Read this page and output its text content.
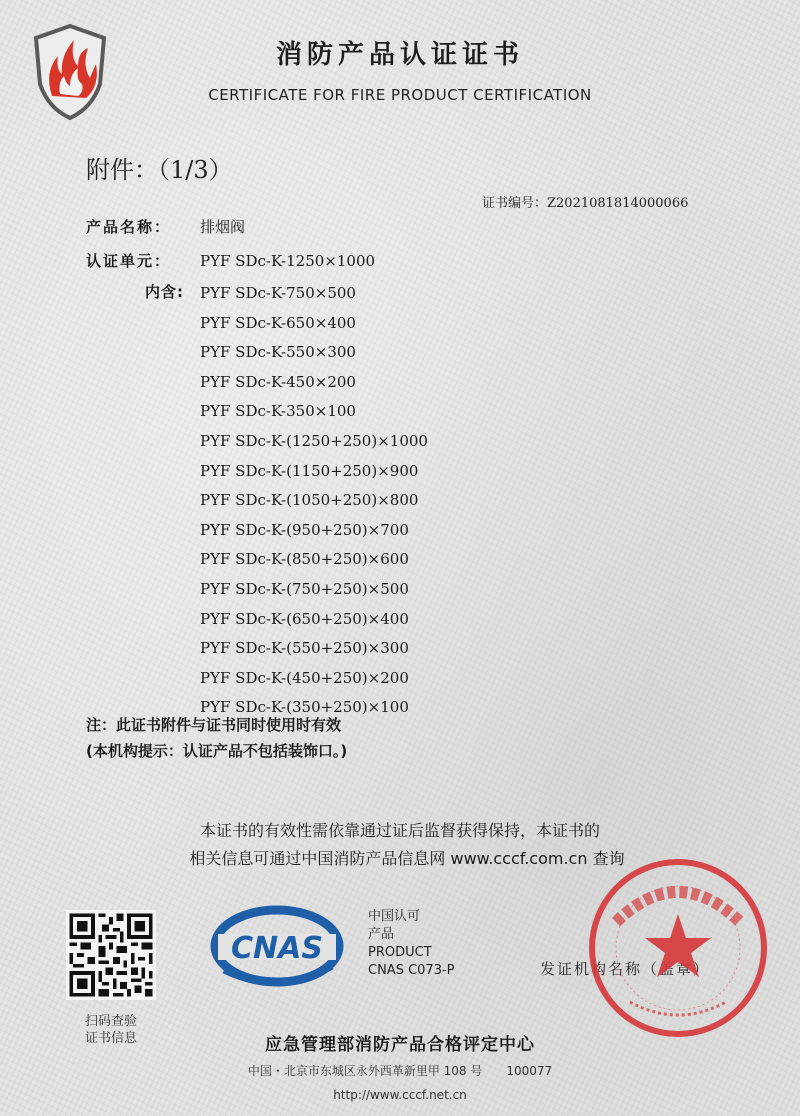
消防产品认证证书
CERTIFICATE FOR FIRE PRODUCT CERTIFICATION
附件：（1/3）
证书编号：Z2021081814000066
产品名称： 排烟阀
认证单元： PYF SDc-K-1250×1000
内含: PYF SDc-K-750×500
PYF SDc-K-650×400
PYF SDc-K-550×300
PYF SDc-K-450×200
PYF SDc-K-350×100
PYF SDc-K-(1250+250)×1000
PYF SDc-K-(1150+250)×900
PYF SDc-K-(1050+250)×800
PYF SDc-K-(950+250)×700
PYF SDc-K-(850+250)×600
PYF SDc-K-(750+250)×500
PYF SDc-K-(650+250)×400
PYF SDc-K-(550+250)×300
PYF SDc-K-(450+250)×200
PYF SDc-K-(350+250)×100
注：此证书附件与证书同时使用时有效
(本机构提示：认证产品不包括装饰口。)
本证书的有效性需依靠通过证后监督获得保持，本证书的
相关信息可通过中国消防产品信息网 www.cccf.com.cn 查询
扫码查验
证书信息
CNAS
中国认可
产品
PRODUCT
CNAS C073-P	发证机构名称（盖章）
应急管理部消防产品合格评定中心
中国・北京市东城区永外西革新里甲 108 号　　100077
http://www.cccf.net.cn
